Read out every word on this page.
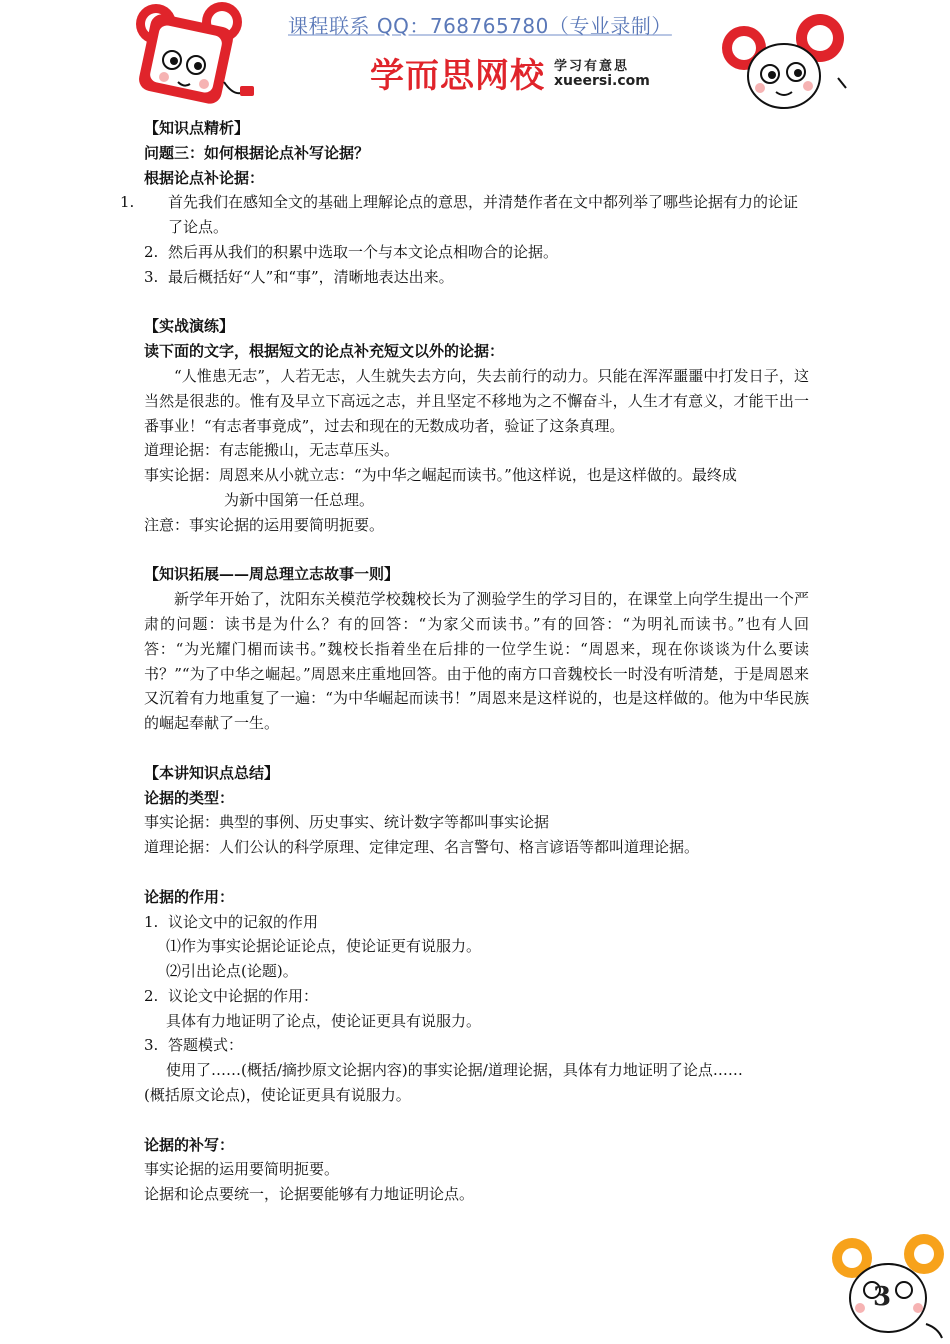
课程联系 QQ：768765780（专业录制）
学而思网校 学习有意思
xueersi.com

【知识点精析】

问题三：如何根据论点补写论据？

根据论点补论据：

1. 首先我们在感知全文的基础上理解论点的意思，并清楚作者在文中都列举了哪些论据有力的论证了论点。

2. 然后再从我们的积累中选取一个与本文论点相吻合的论据。

3. 最后概括好“人”和“事”，清晰地表达出来。

【实战演练】

读下面的文字，根据短文的论点补充短文以外的论据：

“人惟患无志”，人若无志，人生就失去方向，失去前行的动力。只能在浑浑噩噩中打发日子，这当然是很悲的。惟有及早立下高远之志，并且坚定不移地为之不懈奋斗，人生才有意义，才能干出一番事业！“有志者事竟成”，过去和现在的无数成功者，验证了这条真理。

道理论据：有志能搬山，无志草压头。

事实论据：周恩来从小就立志：“为中华之崛起而读书。”他这样说，也是这样做的。最终成

为新中国第一任总理。

注意：事实论据的运用要简明扼要。

【知识拓展——周总理立志故事一则】

新学年开始了，沈阳东关模范学校魏校长为了测验学生的学习目的，在课堂上向学生提出一个严肃的问题：读书是为什么？有的回答：“为家父而读书。”有的回答：“为明礼而读书。”也有人回答：“为光耀门楣而读书。”魏校长指着坐在后排的一位学生说：“周恩来，现在你谈谈为什么要读书？”“为了中华之崛起。”周恩来庄重地回答。由于他的南方口音魏校长一时没有听清楚，于是周恩来又沉着有力地重复了一遍：“为中华崛起而读书！”周恩来是这样说的，也是这样做的。他为中华民族的崛起奉献了一生。

【本讲知识点总结】

论据的类型：

事实论据：典型的事例、历史事实、统计数字等都叫事实论据

道理论据：人们公认的科学原理、定律定理、名言警句、格言谚语等都叫道理论据。

论据的作用：

1. 议论文中的记叙的作用

⑴作为事实论据论证论点，使论证更有说服力。

⑵引出论点(论题)。

2. 议论文中论据的作用：

具体有力地证明了论点，使论证更具有说服力。

3. 答题模式：

使用了……(概括/摘抄原文论据内容)的事实论据/道理论据，具体有力地证明了论点……

(概括原文论点)，使论证更具有说服力。

论据的补写：

事实论据的运用要简明扼要。

论据和论点要统一，论据要能够有力地证明论点。

3
